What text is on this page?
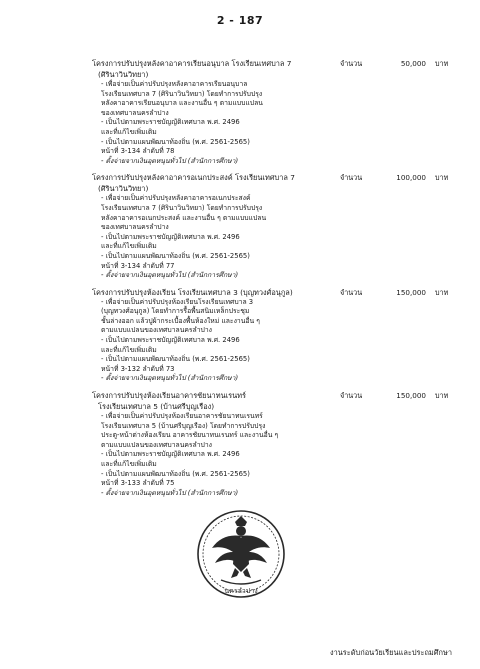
2 - 187
โครงการปรับปรุงหลังคาอาคารเรียนอนุบาล โรงเรียนเทศบาล 7
(ศิรินาวินวิทยา)
จำนวน	50,000 บาท
- เพื่อจ่ายเป็นค่าปรับปรุงหลังคาอาคารเรียนอนุบาล
โรงเรียนเทศบาล 7 (ศิรินาวินวิทยา) โดยทำการปรับปรุง
หลังคาอาคารเรียนอนุบาล และงานอื่น ๆ ตามแบบแปลน
ของเทศบาลนครลำปาง
- เป็นไปตามพระราชบัญญัติเทศบาล พ.ศ. 2496
และที่แก้ไขเพิ่มเติม
- เป็นไปตามแผนพัฒนาท้องถิ่น (พ.ศ. 2561-2565)
หน้าที่ 3-134 ลำดับที่ 78
- ตั้งจ่ายจากเงินอุดหนุนทั่วไป (สำนักการศึกษา)
โครงการปรับปรุงหลังคาอาคารอเนกประสงค์ โรงเรียนเทศบาล 7
(ศิรินาวินวิทยา)
จำนวน	100,000 บาท
- เพื่อจ่ายเป็นค่าปรับปรุงหลังคาอาคารอเนกประสงค์
โรงเรียนเทศบาล 7 (ศิรินาวินวิทยา) โดยทำการปรับปรุง
หลังคาอาคารอเนกประสงค์ และงานอื่น ๆ ตามแบบแปลน
ของเทศบาลนครลำปาง
- เป็นไปตามพระราชบัญญัติเทศบาล พ.ศ. 2496
และที่แก้ไขเพิ่มเติม
- เป็นไปตามแผนพัฒนาท้องถิ่น (พ.ศ. 2561-2565)
หน้าที่ 3-134 ลำดับที่ 77
- ตั้งจ่ายจากเงินอุดหนุนทั่วไป (สำนักการศึกษา)
โครงการปรับปรุงห้องเรียน โรงเรียนเทศบาล 3 (บุญทวงศ์อนุกูล)	จำนวน	150,000 บาท
- เพื่อจ่ายเป็นค่าปรับปรุงห้องเรียนโรงเรียนเทศบาล 3
(บุญทวงศ์อนุกูล) โดยทำการรื้อพื้นสนิมเหล็กประชุม
ชั้นล่างออก แล้วปูผ้ากระเบื้องพื้นห้องใหม่ และงานอื่น ๆ
ตามแบบแปลนของเทศบาลนครลำปาง
- เป็นไปตามพระราชบัญญัติเทศบาล พ.ศ. 2496
และที่แก้ไขเพิ่มเติม
- เป็นไปตามแผนพัฒนาท้องถิ่น (พ.ศ. 2561-2565)
หน้าที่ 3-132 ลำดับที่ 73
- ตั้งจ่ายจากเงินอุดหนุนทั่วไป (สำนักการศึกษา)
โครงการปรับปรุงห้องเรียนอาคารชัยนาทนเรนทร์
โรงเรียนเทศบาล 5 (บ้านศรีบุญเรือง)
จำนวน	150,000 บาท
- เพื่อจ่ายเป็นค่าปรับปรุงห้องเรียนอาคารชัยนาทนเรนทร์
โรงเรียนเทศบาล 5 (บ้านศรีบุญเรือง) โดยทำการปรับปรุง
ประตู-หน้าต่างห้องเรียน อาคารชัยนาทนเรนทร์ และงานอื่น ๆ
ตามแบบแปลนของเทศบาลนครลำปาง
- เป็นไปตามพระราชบัญญัติเทศบาล พ.ศ. 2496
และที่แก้ไขเพิ่มเติม
- เป็นไปตามแผนพัฒนาท้องถิ่น (พ.ศ. 2561-2565)
หน้าที่ 3-133 ลำดับที่ 75
- ตั้งจ่ายจากเงินอุดหนุนทั่วไป (สำนักการศึกษา)
นครลำปาง
งานระดับก่อนวัยเรียนและประถมศึกษา
